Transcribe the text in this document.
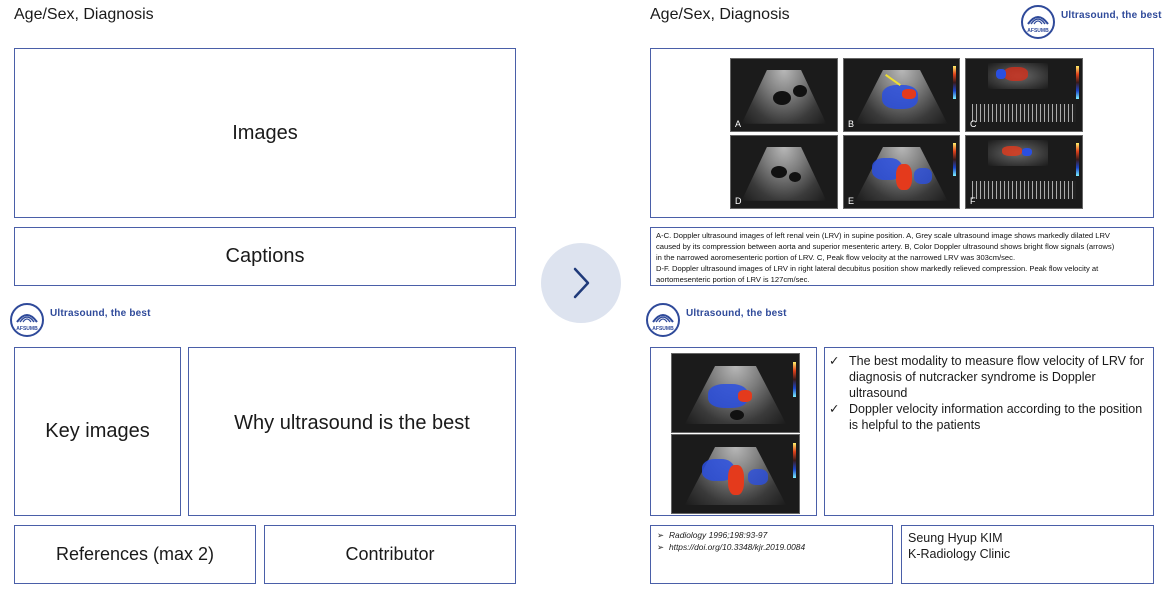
Age/Sex, Diagnosis
Images
Captions
AFSUMB
Ultrasound, the best
Key images	Why ultrasound is the best
References (max 2)	Contributor
Age/Sex, Diagnosis
AFSUMB
Ultrasound, the best
A	B	C
D	E	F
A-C. Doppler ultrasound images of left renal vein (LRV) in supine position. A, Grey scale ultrasound image shows markedly dilated LRV
caused by its compression between aorta and superior mesenteric artery. B, Color Doppler ultrasound shows bright flow signals (arrows)
in the narrowed aoromesenteric portion of LRV. C, Peak flow velocity at the narrowed LRV was 303cm/sec.
D-F. Doppler ultrasound images of LRV in right lateral decubitus position show markedly relieved compression. Peak flow velocity at
aortomesenteric portion of LRV is 127cm/sec.
AFSUMB
Ultrasound, the best
✓ The best modality to measure flow velocity of LRV for diagnosis of nutcracker syndrome is Doppler ultrasound
✓ Doppler velocity information according to the position is helpful to the patients
➢ Radiology 1996;198:93-97
➢ https://doi.org/10.3348/kjr.2019.0084
Seung Hyup KIM
K-Radiology Clinic
